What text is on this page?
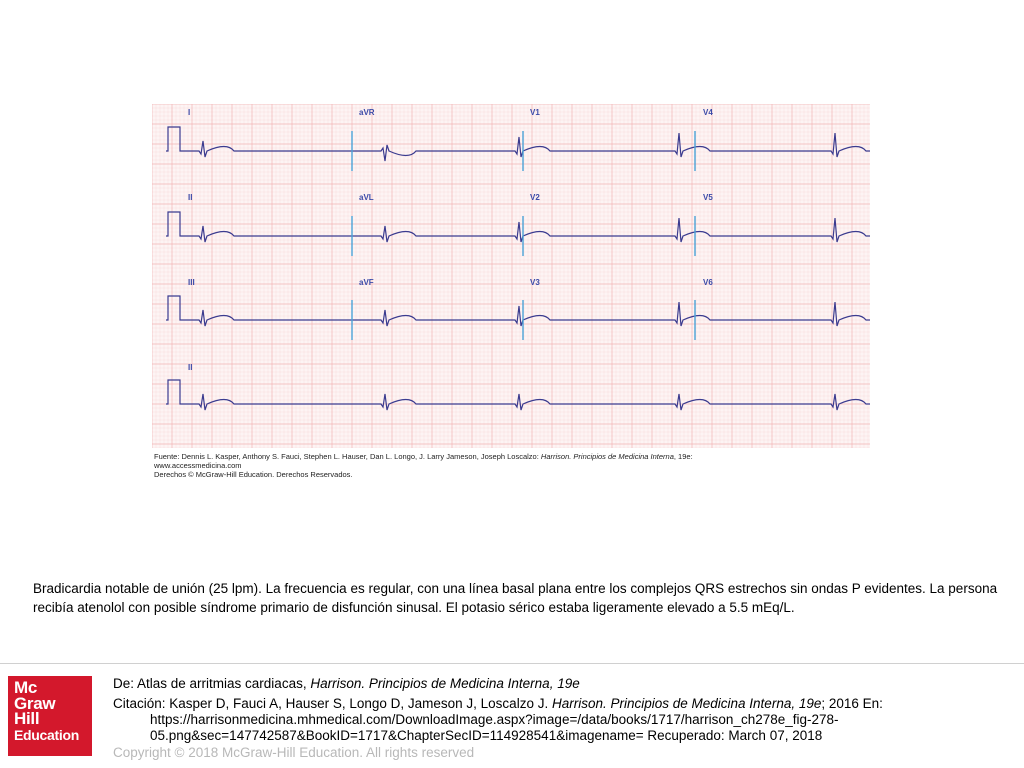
I	aVR	V1	V4
II	aVL	V2	V5
III	aVF	V3	V6
II
Fuente: Dennis L. Kasper, Anthony S. Fauci, Stephen L. Hauser, Dan L. Longo, J. Larry Jameson, Joseph Loscalzo: Harrison. Principios de Medicina Interna, 19e:
www.accessmedicina.com
Derechos © McGraw-Hill Education. Derechos Reservados.
Bradicardia notable de unión (25 lpm). La frecuencia es regular, con una línea basal plana entre los complejos QRS estrechos sin ondas P evidentes. La persona recibía atenolol con posible síndrome primario de disfunción sinusal. El potasio sérico estaba ligeramente elevado a 5.5 mEq/L.
Mc
Graw
Hill
Education
De: Atlas de arritmias cardiacas, Harrison. Principios de Medicina Interna, 19e
Citación: Kasper D, Fauci A, Hauser S, Longo D, Jameson J, Loscalzo J. Harrison. Principios de Medicina Interna, 19e; 2016 En:
https://harrisonmedicina.mhmedical.com/DownloadImage.aspx?image=/data/books/1717/harrison_ch278e_fig-278-
05.png&sec=147742587&BookID=1717&ChapterSecID=114928541&imagename= Recuperado: March 07, 2018
Copyright © 2018 McGraw-Hill Education. All rights reserved
